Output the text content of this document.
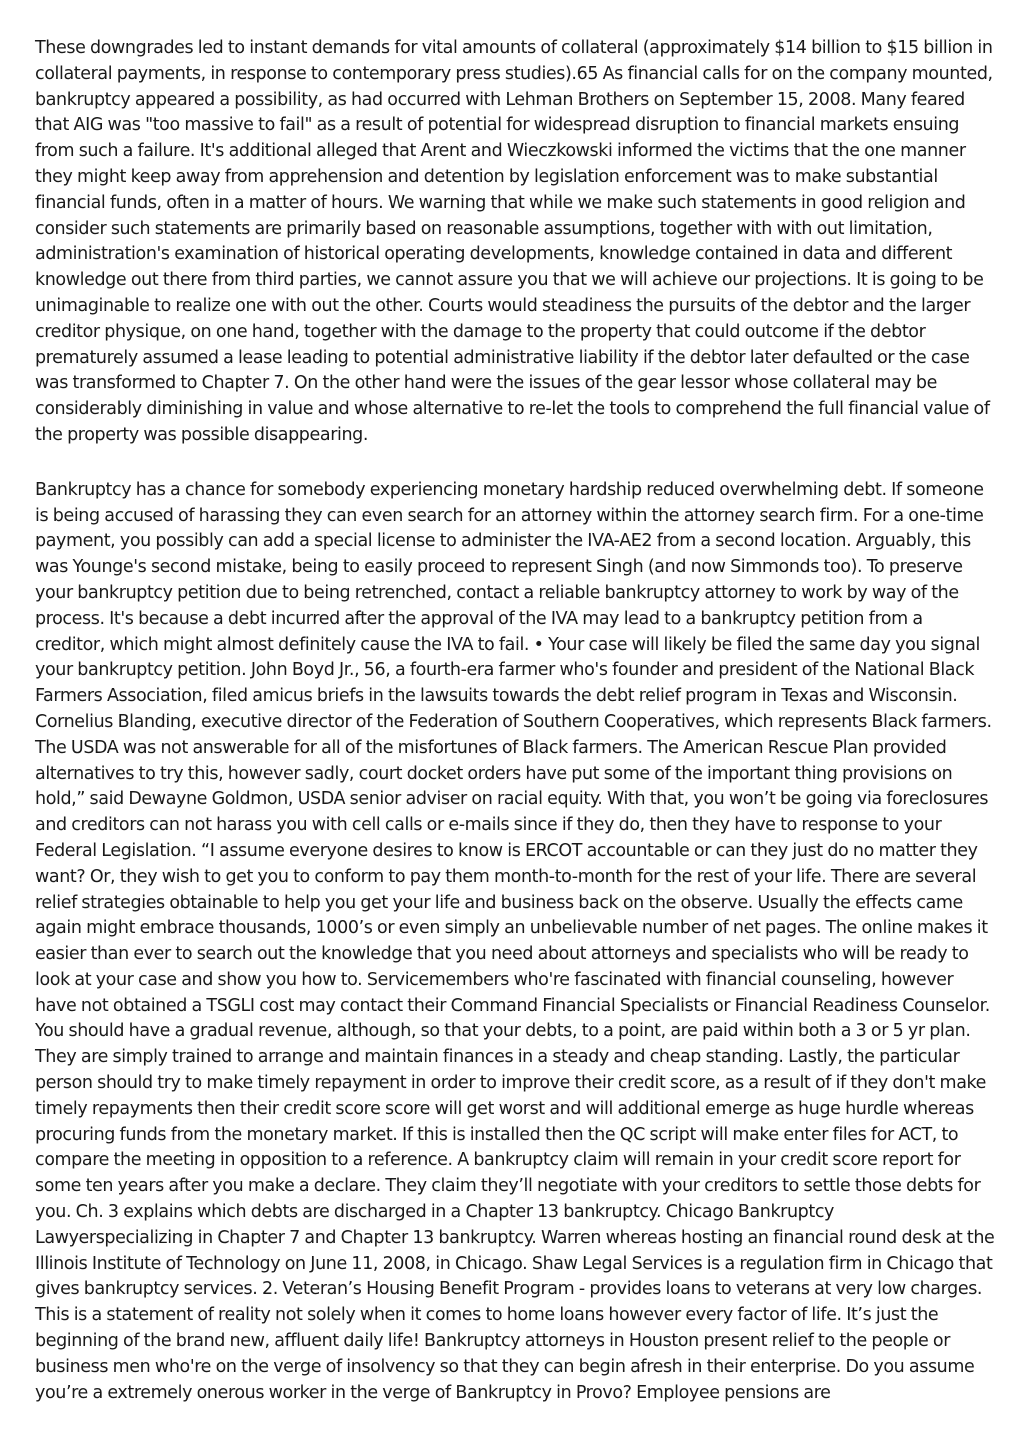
These downgrades led to instant demands for vital amounts of collateral (approximately $14 billion to $15 billion in collateral payments, in response to contemporary press studies).65 As financial calls for on the company mounted, bankruptcy appeared a possibility, as had occurred with Lehman Brothers on September 15, 2008. Many feared that AIG was "too massive to fail" as a result of potential for widespread disruption to financial markets ensuing from such a failure. It's additional alleged that Arent and Wieczkowski informed the victims that the one manner they might keep away from apprehension and detention by legislation enforcement was to make substantial financial funds, often in a matter of hours. We warning that while we make such statements in good religion and consider such statements are primarily based on reasonable assumptions, together with with out limitation, administration's examination of historical operating developments, knowledge contained in data and different knowledge out there from third parties, we cannot assure you that we will achieve our projections. It is going to be unimaginable to realize one with out the other. Courts would steadiness the pursuits of the debtor and the larger creditor physique, on one hand, together with the damage to the property that could outcome if the debtor prematurely assumed a lease leading to potential administrative liability if the debtor later defaulted or the case was transformed to Chapter 7. On the other hand were the issues of the gear lessor whose collateral may be considerably diminishing in value and whose alternative to re-let the tools to comprehend the full financial value of the property was possible disappearing.

Bankruptcy has a chance for somebody experiencing monetary hardship reduced overwhelming debt. If someone is being accused of harassing they can even search for an attorney within the attorney search firm. For a one-time payment, you possibly can add a special license to administer the IVA-AE2 from a second location. Arguably, this was Younge's second mistake, being to easily proceed to represent Singh (and now Simmonds too). To preserve your bankruptcy petition due to being retrenched, contact a reliable bankruptcy attorney to work by way of the process. It's because a debt incurred after the approval of the IVA may lead to a bankruptcy petition from a creditor, which might almost definitely cause the IVA to fail. • Your case will likely be filed the same day you signal your bankruptcy petition. John Boyd Jr., 56, a fourth-era farmer who's founder and president of the National Black Farmers Association, filed amicus briefs in the lawsuits towards the debt relief program in Texas and Wisconsin. Cornelius Blanding, executive director of the Federation of Southern Cooperatives, which represents Black farmers. The USDA was not answerable for all of the misfortunes of Black farmers. The American Rescue Plan provided alternatives to try this, however sadly, court docket orders have put some of the important thing provisions on hold,” said Dewayne Goldmon, USDA senior adviser on racial equity. With that, you won’t be going via foreclosures and creditors can not harass you with cell calls or e-mails since if they do, then they have to response to your Federal Legislation. “I assume everyone desires to know is ERCOT accountable or can they just do no matter they want? Or, they wish to get you to conform to pay them month-to-month for the rest of your life. There are several relief strategies obtainable to help you get your life and business back on the observe. Usually the effects came again might embrace thousands, 1000’s or even simply an unbelievable number of net pages. The online makes it easier than ever to search out the knowledge that you need about attorneys and specialists who will be ready to look at your case and show you how to. Servicemembers who're fascinated with financial counseling, however have not obtained a TSGLI cost may contact their Command Financial Specialists or Financial Readiness Counselor. You should have a gradual revenue, although, so that your debts, to a point, are paid within both a 3 or 5 yr plan. They are simply trained to arrange and maintain finances in a steady and cheap standing. Lastly, the particular person should try to make timely repayment in order to improve their credit score, as a result of if they don't make timely repayments then their credit score score will get worst and will additional emerge as huge hurdle whereas procuring funds from the monetary market. If this is installed then the QC script will make enter files for ACT, to compare the meeting in opposition to a reference. A bankruptcy claim will remain in your credit score report for some ten years after you make a declare. They claim they’ll negotiate with your creditors to settle those debts for you. Ch. 3 explains which debts are discharged in a Chapter 13 bankruptcy. Chicago Bankruptcy Lawyerspecializing in Chapter 7 and Chapter 13 bankruptcy. Warren whereas hosting an financial round desk at the Illinois Institute of Technology on June 11, 2008, in Chicago. Shaw Legal Services is a regulation firm in Chicago that gives bankruptcy services. 2. Veteran’s Housing Benefit Program - provides loans to veterans at very low charges. This is a statement of reality not solely when it comes to home loans however every factor of life. It’s just the beginning of the brand new, affluent daily life! Bankruptcy attorneys in Houston present relief to the people or business men who're on the verge of insolvency so that they can begin afresh in their enterprise. Do you assume you’re a extremely onerous worker in the verge of Bankruptcy in Provo? Employee pensions are
